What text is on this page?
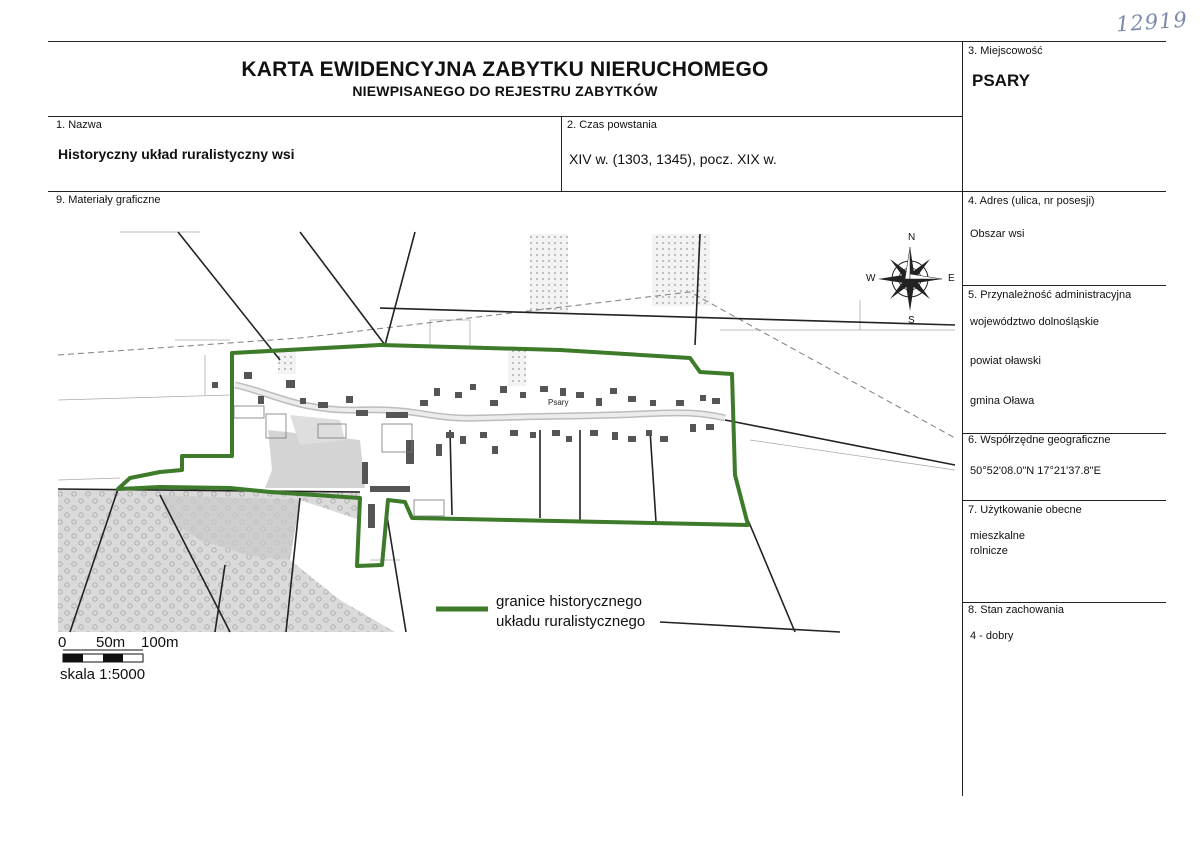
12919
KARTA EWIDENCYJNA ZABYTKU NIERUCHOMEGO
NIEWPISANEGO DO REJESTRU ZABYTKÓW
1. Nazwa
Historyczny układ ruralistyczny wsi
2. Czas powstania
XIV w. (1303, 1345), pocz. XIX w.
3. Miejscowość
PSARY
4. Adres (ulica, nr posesji)
Obszar wsi
5. Przynależność administracyjna
województwo dolnośląskie
powiat oławski
gmina Oława
6. Współrzędne geograficzne
50°52'08.0"N 17°21'37.8"E
7. Użytkowanie obecne
mieszkalne
rolnicze
8. Stan zachowania
4 - dobry
9. Materiały graficzne
Psary
N
S
E
W
granice historycznego
układu ruralistycznego
0 50m 100m
skala 1:5000
